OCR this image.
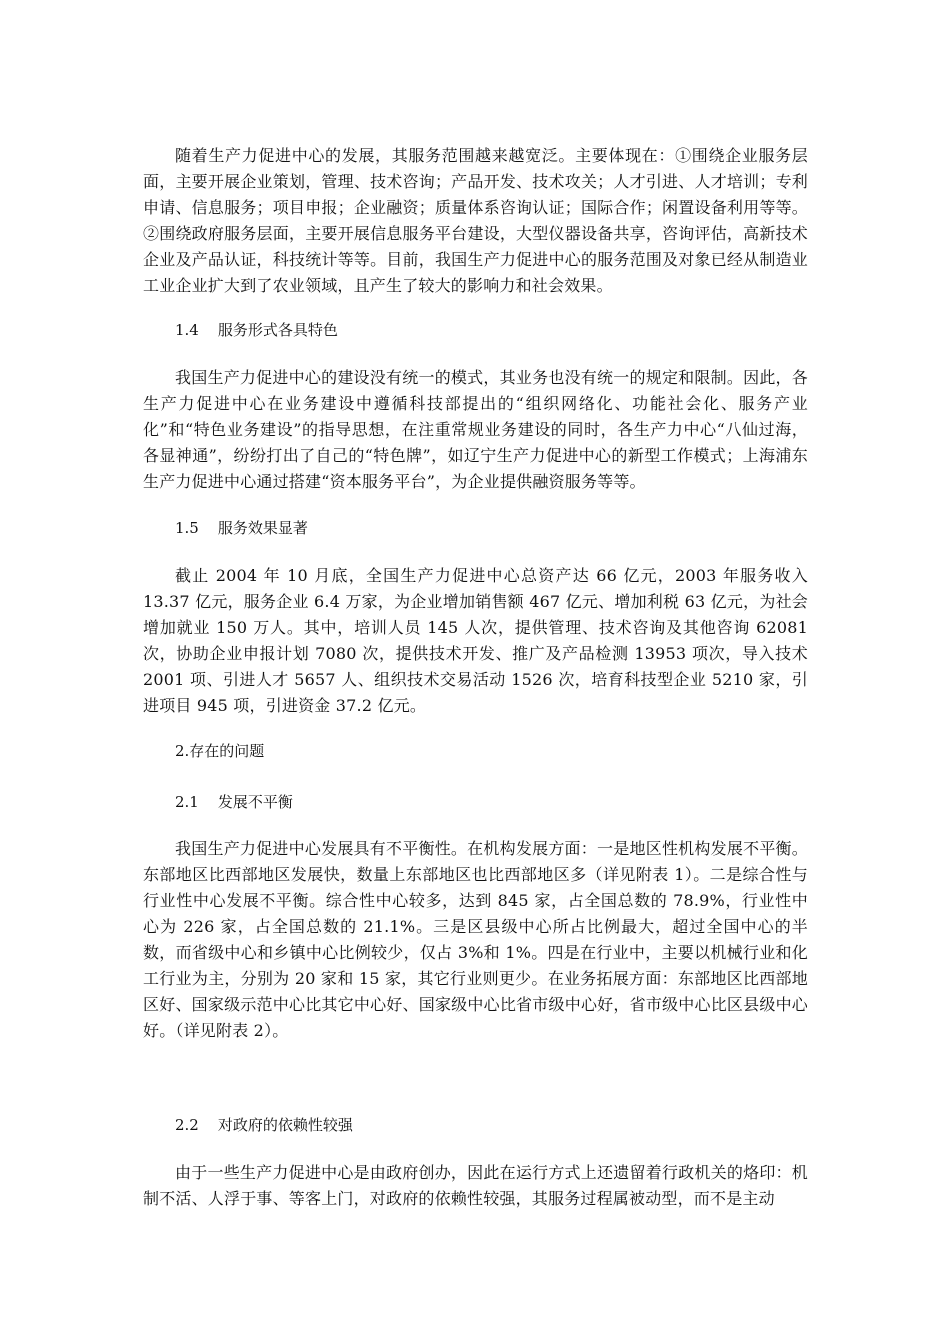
随着生产力促进中心的发展，其服务范围越来越宽泛。主要体现在：①围绕企业服务层面，主要开展企业策划，管理、技术咨询；产品开发、技术攻关；人才引进、人才培训；专利申请、信息服务；项目申报；企业融资；质量体系咨询认证；国际合作；闲置设备利用等等。②围绕政府服务层面，主要开展信息服务平台建设，大型仪器设备共享，咨询评估，高新技术企业及产品认证，科技统计等等。目前，我国生产力促进中心的服务范围及对象已经从制造业工业企业扩大到了农业领域，且产生了较大的影响力和社会效果。

1.4    服务形式各具特色

我国生产力促进中心的建设没有统一的模式，其业务也没有统一的规定和限制。因此，各生产力促进中心在业务建设中遵循科技部提出的“组织网络化、功能社会化、服务产业化”和“特色业务建设”的指导思想，在注重常规业务建设的同时，各生产力中心“八仙过海，各显神通”，纷纷打出了自己的“特色牌”，如辽宁生产力促进中心的新型工作模式；上海浦东生产力促进中心通过搭建“资本服务平台”，为企业提供融资服务等等。

1.5    服务效果显著

截止 2004 年 10 月底，全国生产力促进中心总资产达 66 亿元，2003 年服务收入 13.37 亿元，服务企业 6.4 万家，为企业增加销售额 467 亿元、增加利税 63 亿元，为社会增加就业 150 万人。其中，培训人员 145 人次，提供管理、技术咨询及其他咨询 62081 次，协助企业申报计划 7080 次，提供技术开发、推广及产品检测 13953 项次，导入技术 2001 项、引进人才 5657 人、组织技术交易活动 1526 次，培育科技型企业 5210 家，引进项目 945 项，引进资金 37.2 亿元。

2.存在的问题

2.1    发展不平衡

我国生产力促进中心发展具有不平衡性。在机构发展方面：一是地区性机构发展不平衡。东部地区比西部地区发展快，数量上东部地区也比西部地区多（详见附表 1）。二是综合性与行业性中心发展不平衡。综合性中心较多，达到 845 家，占全国总数的 78.9%，行业性中心为 226 家，占全国总数的 21.1%。三是区县级中心所占比例最大，超过全国中心的半数，而省级中心和乡镇中心比例较少，仅占 3%和 1%。四是在行业中，主要以机械行业和化工行业为主，分别为 20 家和 15 家，其它行业则更少。在业务拓展方面：东部地区比西部地区好、国家级示范中心比其它中心好、国家级中心比省市级中心好，省市级中心比区县级中心好。（详见附表 2）。

2.2    对政府的依赖性较强

由于一些生产力促进中心是由政府创办，因此在运行方式上还遗留着行政机关的烙印：机制不活、人浮于事、等客上门，对政府的依赖性较强，其服务过程属被动型，而不是主动
